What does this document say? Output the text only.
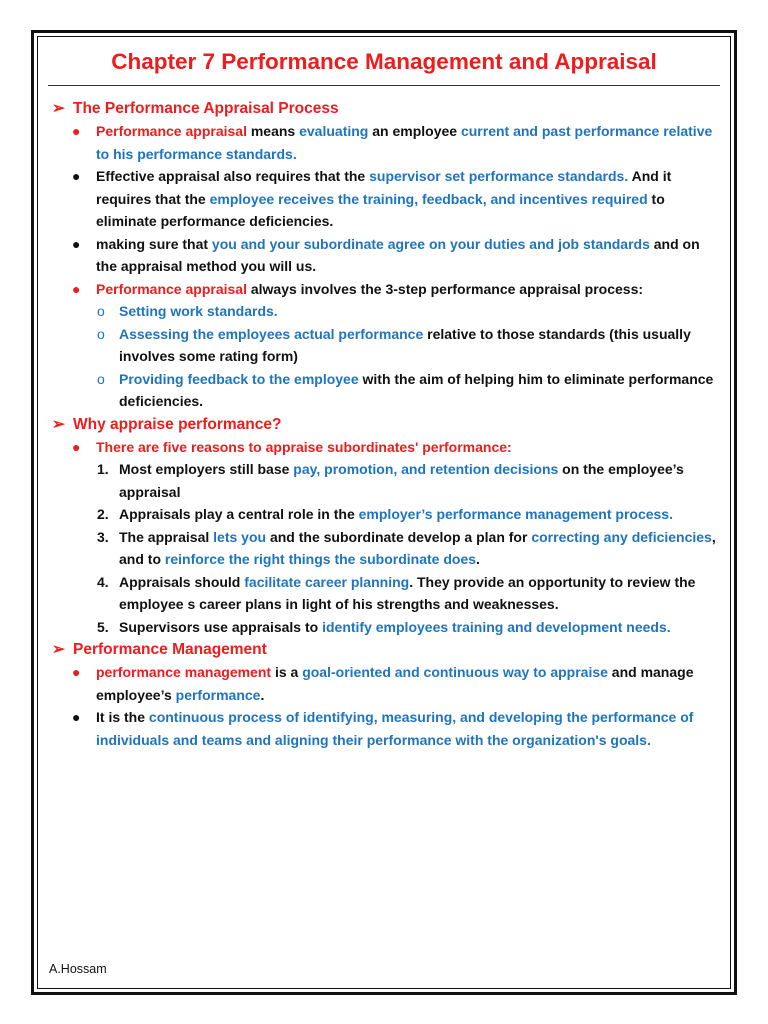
Chapter 7 Performance Management and Appraisal
➢ The Performance Appraisal Process
● Performance appraisal means evaluating an employee current and past performance relative to his performance standards.
● Effective appraisal also requires that the supervisor set performance standards. And it requires that the employee receives the training, feedback, and incentives required to eliminate performance deficiencies.
● making sure that you and your subordinate agree on your duties and job standards and on the appraisal method you will us.
● Performance appraisal always involves the 3-step performance appraisal process:
o Setting work standards.
o Assessing the employees actual performance relative to those standards (this usually involves some rating form)
o Providing feedback to the employee with the aim of helping him to eliminate performance deficiencies.
➢ Why appraise performance?
● There are five reasons to appraise subordinates' performance:
1. Most employers still base pay, promotion, and retention decisions on the employee’s appraisal
2. Appraisals play a central role in the employer’s performance management process.
3. The appraisal lets you and the subordinate develop a plan for correcting any deficiencies, and to reinforce the right things the subordinate does.
4. Appraisals should facilitate career planning. They provide an opportunity to review the employee s career plans in light of his strengths and weaknesses.
5. Supervisors use appraisals to identify employees training and development needs.
➢ Performance Management
● performance management is a goal-oriented and continuous way to appraise and manage employee’s performance.
● It is the continuous process of identifying, measuring, and developing the performance of individuals and teams and aligning their performance with the organization's goals.
A.Hossam
